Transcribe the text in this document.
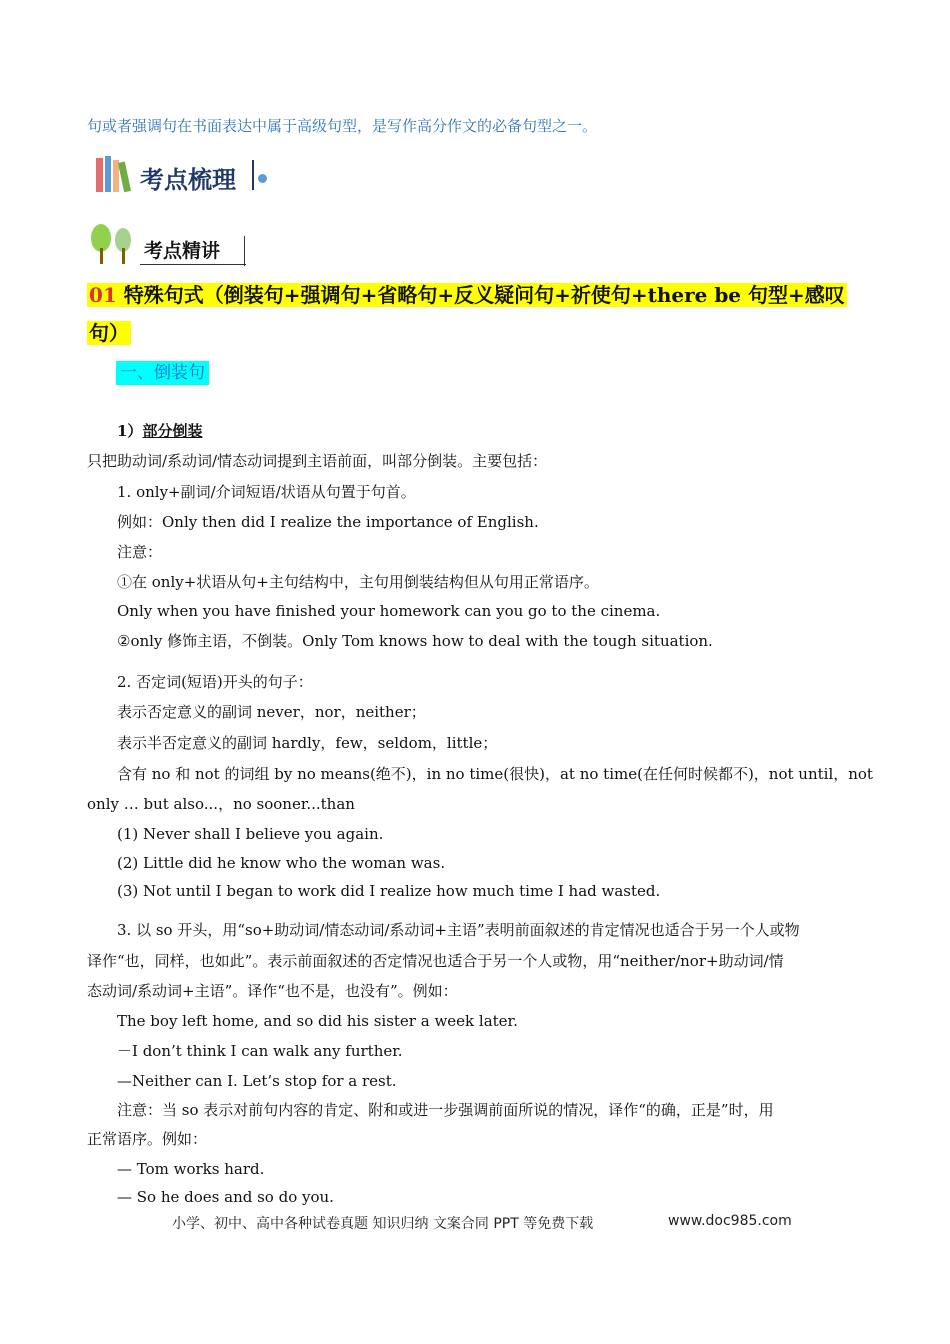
句或者强调句在书面表达中属于高级句型，是写作高分作文的必备句型之一。
考点梳理
考点精讲
01 特殊句式（倒装句+强调句+省略句+反义疑问句+祈使句+there be 句型+感叹
句）
一、倒装句
1）部分倒装
只把助动词/系动词/情态动词提到主语前面，叫部分倒装。主要包括：
1. only+副词/介词短语/状语从句置于句首。
例如：Only then did I realize the importance of English.
注意：
①在 only+状语从句+主句结构中，主句用倒装结构但从句用正常语序。
Only when you have finished your homework can you go to the cinema.
②only 修饰主语，不倒装。Only Tom knows how to deal with the tough situation.
2. 否定词(短语)开头的句子：
表示否定意义的副词 never，nor，neither；
表示半否定意义的副词 hardly，few，seldom，little；
含有 no 和 not 的词组 by no means(绝不)，in no time(很快)，at no time(在任何时候都不)，not until，not
only … but also...，no sooner...than
(1) Never shall I believe you again.
(2) Little did he know who the woman was.
(3) Not until I began to work did I realize how much time I had wasted.
3. 以 so 开头，用“so+助动词/情态动词/系动词+主语”表明前面叙述的肯定情况也适合于另一个人或物
译作“也，同样，也如此”。表示前面叙述的否定情况也适合于另一个人或物，用“neither/nor+助动词/情
态动词/系动词+主语”。译作“也不是，也没有”。例如：
The boy left home, and so did his sister a week later.
－I don’t think I can walk any further.
—Neither can I. Let’s stop for a rest.
注意：当 so 表示对前句内容的肯定、附和或进一步强调前面所说的情况，译作“的确，正是”时，用
正常语序。例如：
— Tom works hard.
— So he does and so do you.
小学、初中、高中各种试卷真题 知识归纳 文案合同 PPT 等免费下载	www.doc985.com
